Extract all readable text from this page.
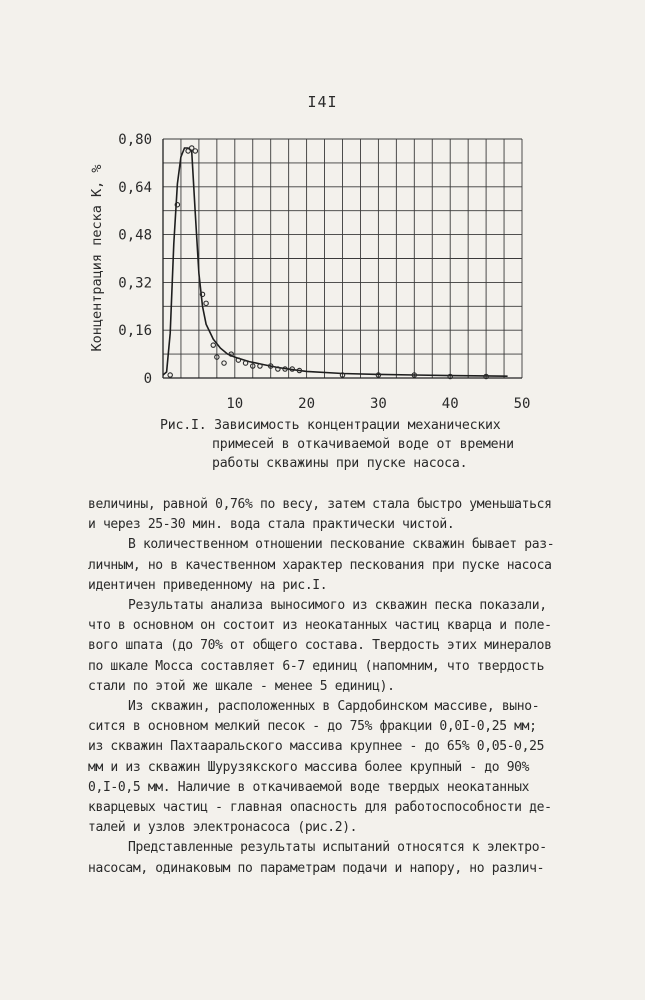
I4I
0
0,16
0,32
0,48
0,64
0,80
10	20	30	40	50
Концентрация песка К, %
Рис.I. Зависимость концентрации механических
примесей в откачиваемой воде от времени
работы скважины при пуске насоса.
величины, равной 0,76% по весу, затем стала быстро уменьшаться
и через 25-30 мин. вода стала практически чистой.
В количественном отношении пескование скважин бывает раз-
личным, но в качественном характер пескования при пуске насоса
идентичен приведенному на рис.I.
Результаты анализа выносимого из скважин песка показали,
что в основном он состоит из неокатанных частиц кварца и поле-
вого шпата (до 70% от общего состава. Твердость этих минералов
по шкале Мосса составляет 6-7 единиц (напомним, что твердость
стали по этой же шкале - менее 5 единиц).
Из скважин, расположенных в Сардобинском массиве, выно-
сится в основном мелкий песок - до 75% фракции 0,0I-0,25 мм;
из скважин Пахтааральского массива крупнее - до 65% 0,05-0,25
мм и из скважин Шурузякского массива более крупный - до 90%
0,I-0,5 мм. Наличие в откачиваемой воде твердых неокатанных
кварцевых частиц - главная опасность для работоспособности де-
талей и узлов электронасоса (рис.2).
Представленные результаты испытаний относятся к электро-
насосам, одинаковым по параметрам подачи и напору, но различ-
